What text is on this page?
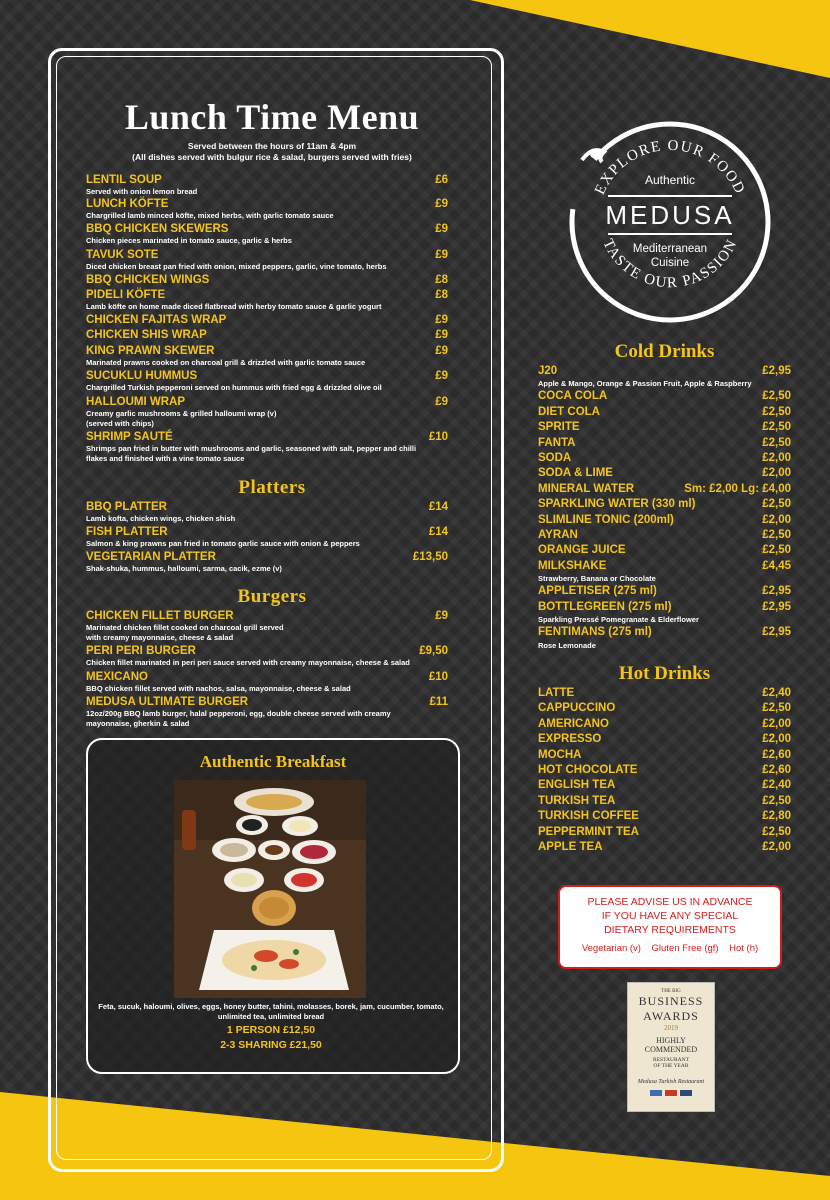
Lunch Time Menu
Served between the hours of 11am & 4pm
(All dishes served with bulgur rice & salad, burgers served with fries)
LENTIL SOUP	£6
Served with onion lemon bread
LUNCH KÖFTE	£9
Chargrilled lamb minced köfte, mixed herbs, with garlic tomato sauce
BBQ CHICKEN SKEWERS	£9
Chicken pieces marinated in tomato sauce, garlic & herbs
TAVUK SOTE	£9
Diced chicken breast pan fried with onion, mixed peppers, garlic, vine tomato, herbs
BBQ CHICKEN WINGS	£8
PIDELI KÖFTE	£8
Lamb köfte on home made diced flatbread with herby tomato sauce & garlic yogurt
CHICKEN FAJITAS WRAP	£9
CHICKEN SHIS WRAP	£9
KING PRAWN SKEWER	£9
Marinated prawns cooked on charcoal grill & drizzled with garlic tomato sauce
SUCUKLU HUMMUS	£9
Chargrilled Turkish pepperoni served on hummus with fried egg & drizzled olive oil
HALLOUMI WRAP	£9
Creamy garlic mushrooms & grilled halloumi wrap (v)
(served with chips)
SHRIMP SAUTÉ	£10
Shrimps pan fried in butter with mushrooms and garlic, seasoned with salt, pepper and chilli
flakes and finished with a vine tomato sauce
Platters
BBQ PLATTER	£14
Lamb kofta, chicken wings, chicken shish
FISH PLATTER	£14
Salmon & king prawns pan fried in tomato garlic sauce with onion & peppers
VEGETARIAN PLATTER	£13,50
Shak-shuka, hummus, halloumi, sarma, cacik, ezme (v)
Burgers
CHICKEN FILLET BURGER	£9
Marinated chicken fillet cooked on charcoal grill served
with creamy mayonnaise, cheese & salad
PERI PERI BURGER	£9,50
Chicken fillet marinated in peri peri sauce served with creamy mayonnaise, cheese & salad
MEXICANO	£10
BBQ chicken fillet served with nachos, salsa, mayonnaise, cheese & salad
MEDUSA ULTIMATE BURGER	£11
12oz/200g BBQ lamb burger, halal pepperoni, egg, double cheese served with creamy
mayonnaise, gherkin & salad
Authentic Breakfast
Feta, sucuk, haloumi, olives, eggs, honey butter, tahini, molasses, borek, jam, cucumber, tomato,
unlimited tea, unlimited bread
1 PERSON £12,50
2-3 SHARING £21,50
EXPLORE OUR FOOD
TASTE OUR PASSION
Authentic
MEDUSA
Mediterranean
Cuisine
Cold Drinks
J20	£2,95
Apple & Mango, Orange & Passion Fruit, Apple & Raspberry
COCA COLA	£2,50
DIET COLA	£2,50
SPRITE	£2,50
FANTA	£2,50
SODA	£2,00
SODA & LIME	£2,00
MINERAL WATER	Sm: £2,00 Lg: £4,00
SPARKLING WATER (330 ml)	£2,50
SLIMLINE TONIC (200ml)	£2,00
AYRAN	£2,50
ORANGE JUICE	£2,50
MILKSHAKE	£4,45
Strawberry, Banana or Chocolate
APPLETISER (275 ml)	£2,95
BOTTLEGREEN (275 ml)	£2,95
Sparkling Pressé Pomegranate & Elderflower
FENTIMANS (275 ml)	£2,95
Rose Lemonade
Hot Drinks
LATTE	£2,40
CAPPUCCINO	£2,50
AMERICANO	£2,00
EXPRESSO	£2,00
MOCHA	£2,60
HOT CHOCOLATE	£2,60
ENGLISH TEA	£2,40
TURKISH TEA	£2,50
TURKISH COFFEE	£2,80
PEPPERMINT TEA	£2,50
APPLE TEA	£2,00
PLEASE ADVISE US IN ADVANCE
IF YOU HAVE ANY SPECIAL
DIETARY REQUIREMENTS
Vegetarian (v)    Gluten Free (gf)    Hot (h)
THE BIG
BUSINESS
AWARDS
2019
HIGHLY
COMMENDED
RESTAURANT
OF THE YEAR
Medusa Turkish Restaurant
